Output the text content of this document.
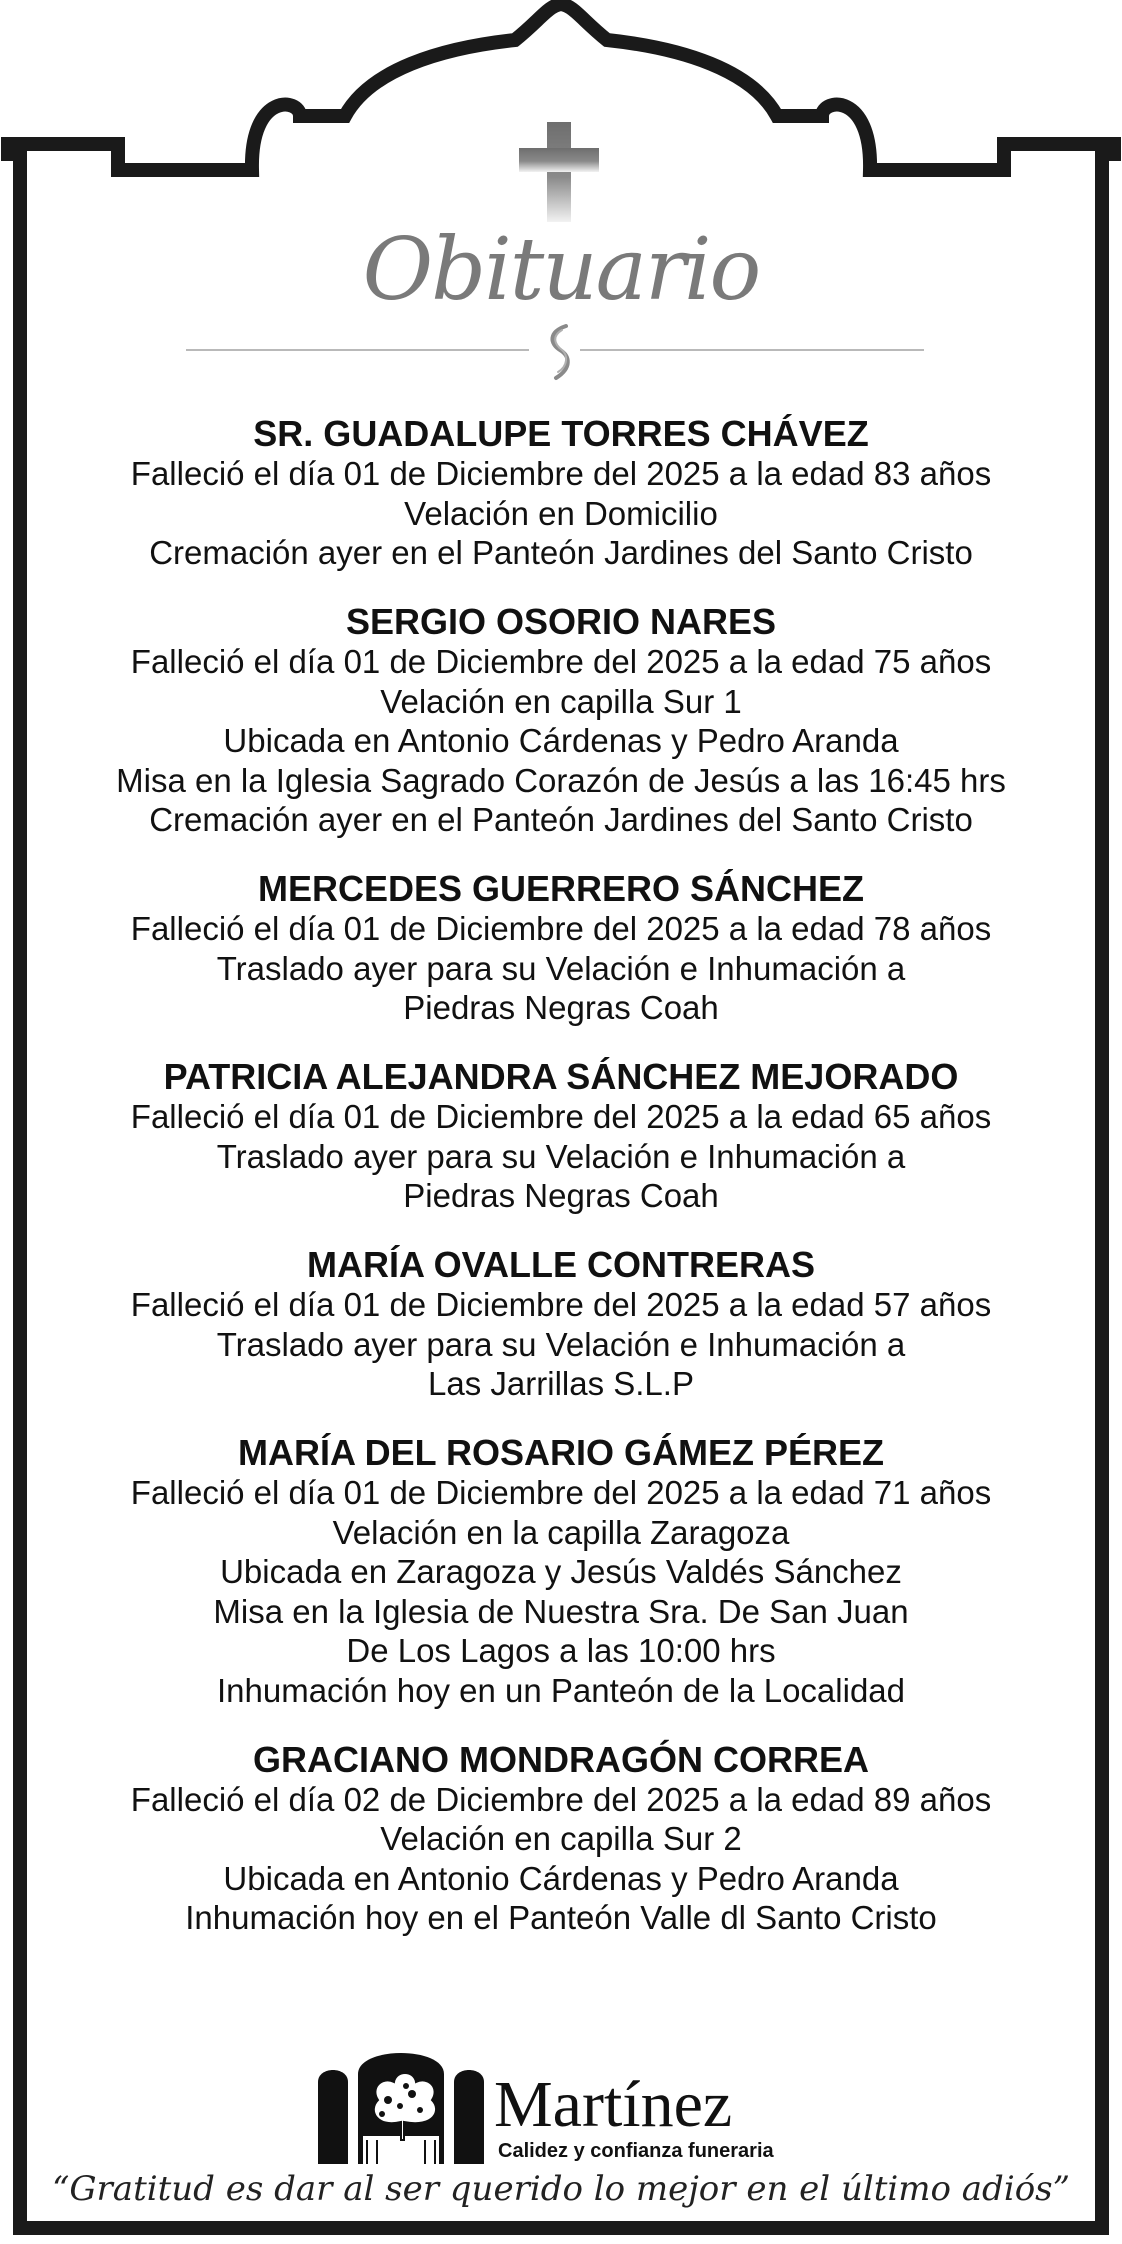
Obituario
SR. GUADALUPE TORRES CHÁVEZ
Falleció el día 01 de Diciembre del 2025 a la edad 83 años
Velación en Domicilio
Cremación ayer en el Panteón Jardines del Santo Cristo
SERGIO OSORIO NARES
Falleció el día 01 de Diciembre del 2025 a la edad 75 años
Velación en capilla Sur 1
Ubicada en Antonio Cárdenas y Pedro Aranda
Misa en la Iglesia Sagrado Corazón de Jesús a las 16:45 hrs
Cremación ayer en el Panteón Jardines del Santo Cristo
MERCEDES GUERRERO SÁNCHEZ
Falleció el día 01 de Diciembre del 2025 a la edad 78 años
Traslado ayer para su Velación e Inhumación a
Piedras Negras Coah
PATRICIA ALEJANDRA SÁNCHEZ MEJORADO
Falleció el día 01 de Diciembre del 2025 a la edad 65 años
Traslado ayer para su Velación e Inhumación a
Piedras Negras Coah
MARÍA OVALLE CONTRERAS
Falleció el día 01 de Diciembre del 2025 a la edad 57 años
Traslado ayer para su Velación e Inhumación a
Las Jarrillas S.L.P
MARÍA DEL ROSARIO GÁMEZ PÉREZ
Falleció el día 01 de Diciembre del 2025 a la edad 71 años
Velación en la capilla Zaragoza
Ubicada en Zaragoza y Jesús Valdés Sánchez
Misa en la Iglesia de Nuestra Sra. De San Juan
De Los Lagos a las 10:00 hrs
Inhumación hoy en un Panteón de la Localidad
GRACIANO MONDRAGÓN CORREA
Falleció el día 02 de Diciembre del 2025 a la edad 89 años
Velación en capilla Sur 2
Ubicada en Antonio Cárdenas y Pedro Aranda
Inhumación hoy en el Panteón Valle dl Santo Cristo
Martínez
Calidez y confianza funeraria
“Gratitud es dar al ser querido lo mejor en el último adiós”
